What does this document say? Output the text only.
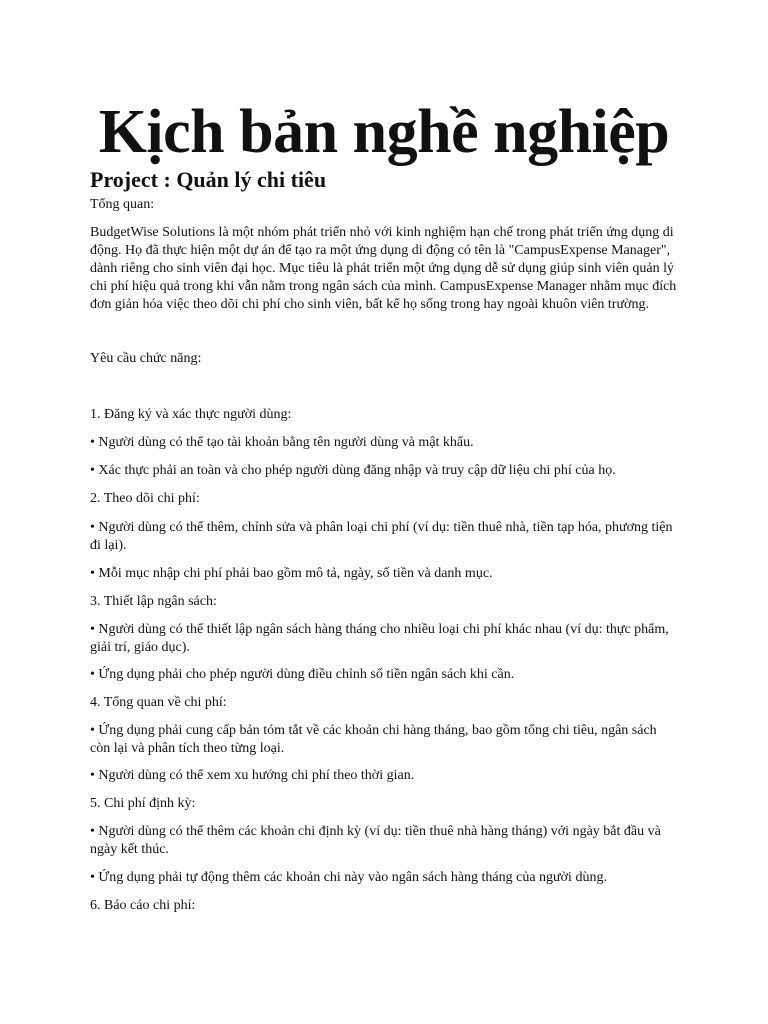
Kịch bản nghề nghiệp
Project : Quản lý chi tiêu

Tổng quan:

BudgetWise Solutions là một nhóm phát triển nhỏ với kinh nghiệm hạn chế trong phát triển ứng dụng di động. Họ đã thực hiện một dự án để tạo ra một ứng dụng di động có tên là "CampusExpense Manager", dành riêng cho sinh viên đại học. Mục tiêu là phát triển một ứng dụng dễ sử dụng giúp sinh viên quản lý chi phí hiệu quả trong khi vẫn nằm trong ngân sách của mình. CampusExpense Manager nhằm mục đích đơn giản hóa việc theo dõi chi phí cho sinh viên, bất kể họ sống trong hay ngoài khuôn viên trường.

Yêu cầu chức năng:

1. Đăng ký và xác thực người dùng:

• Người dùng có thể tạo tài khoản bằng tên người dùng và mật khẩu.

• Xác thực phải an toàn và cho phép người dùng đăng nhập và truy cập dữ liệu chi phí của họ.

2. Theo dõi chi phí:

• Người dùng có thể thêm, chỉnh sửa và phân loại chi phí (ví dụ: tiền thuê nhà, tiền tạp hóa, phương tiện đi lại).

• Mỗi mục nhập chi phí phải bao gồm mô tả, ngày, số tiền và danh mục.

3. Thiết lập ngân sách:

• Người dùng có thể thiết lập ngân sách hàng tháng cho nhiều loại chi phí khác nhau (ví dụ: thực phẩm, giải trí, giáo dục).

• Ứng dụng phải cho phép người dùng điều chỉnh số tiền ngân sách khi cần.

4. Tổng quan về chi phí:

• Ứng dụng phải cung cấp bản tóm tắt về các khoản chi hàng tháng, bao gồm tổng chi tiêu, ngân sách còn lại và phân tích theo từng loại.

• Người dùng có thể xem xu hướng chi phí theo thời gian.

5. Chi phí định kỳ:

• Người dùng có thể thêm các khoản chi định kỳ (ví dụ: tiền thuê nhà hàng tháng) với ngày bắt đầu và ngày kết thúc.

• Ứng dụng phải tự động thêm các khoản chi này vào ngân sách hàng tháng của người dùng.

6. Báo cáo chi phí:
